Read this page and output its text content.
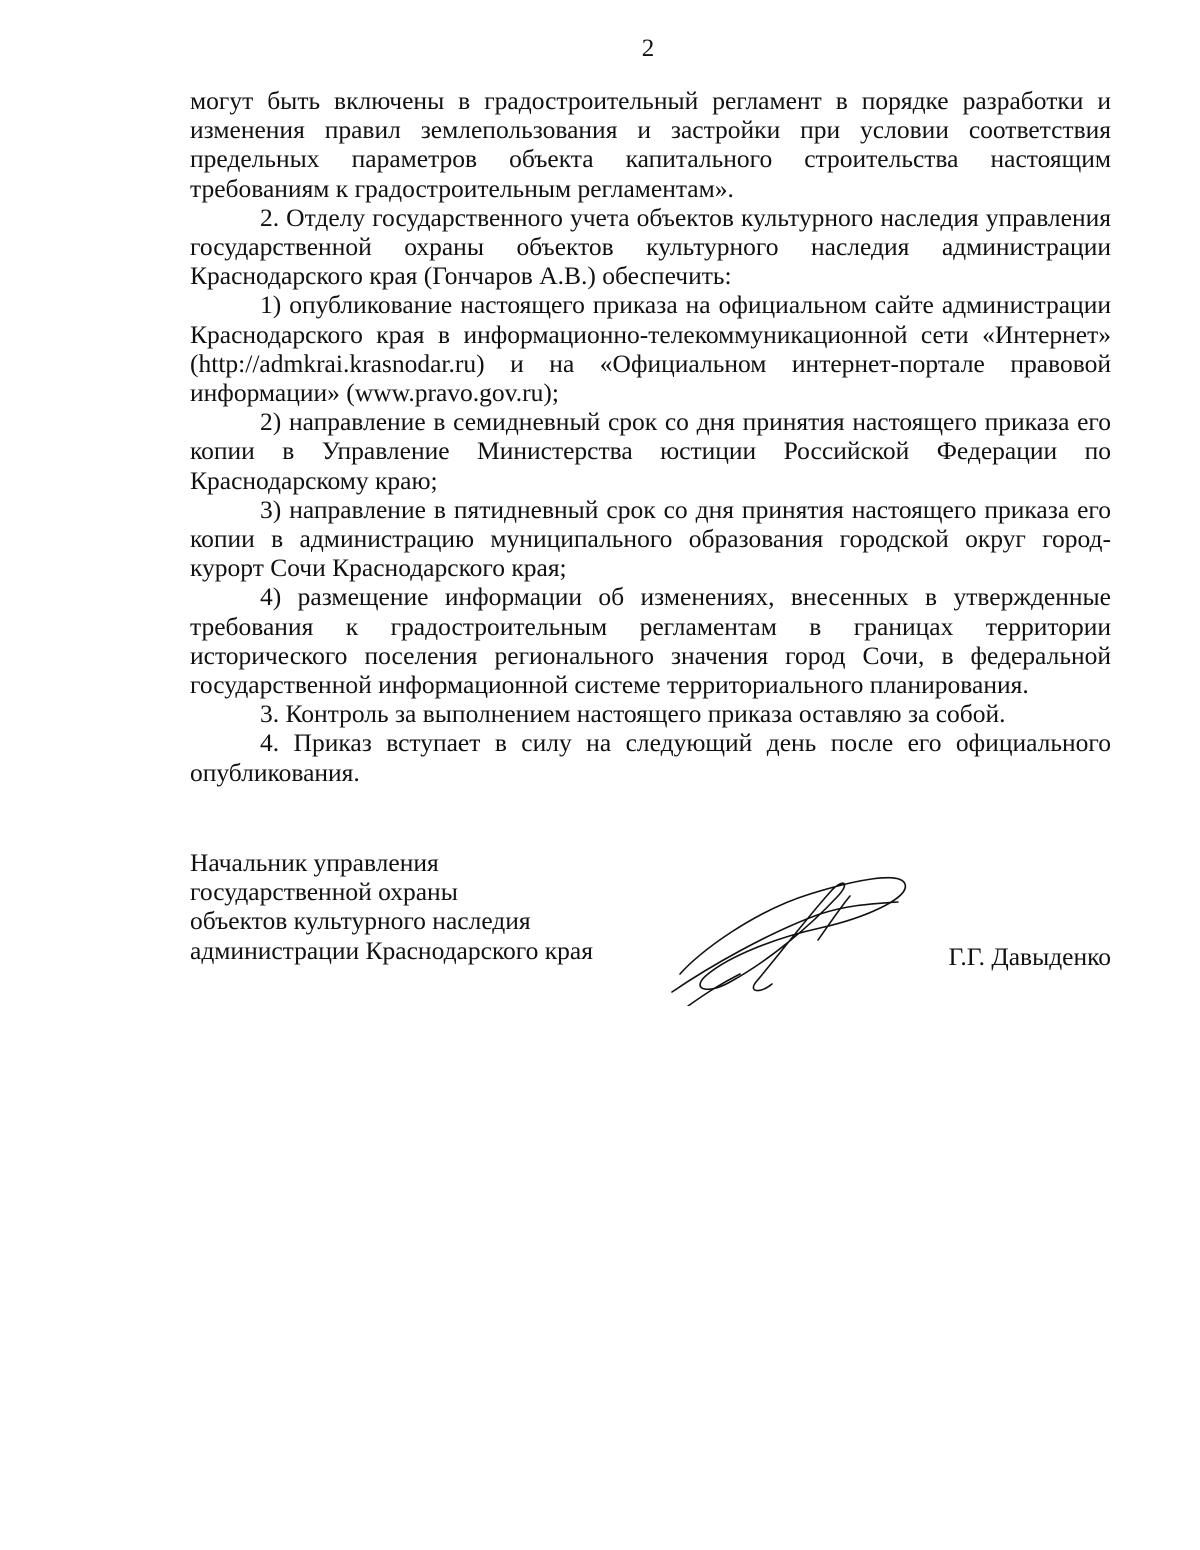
2

могут быть включены в градостроительный регламент в порядке разработки и изменения правил землепользования и застройки при условии соответствия предельных параметров объекта капитального строительства настоящим требованиям к градостроительным регламентам».

2. Отделу государственного учета объектов культурного наследия управления государственной охраны объектов культурного наследия администрации Краснодарского края (Гончаров А.В.) обеспечить:

1) опубликование настоящего приказа на официальном сайте администрации Краснодарского края в информационно-телекоммуникационной сети «Интернет» (http://admkrai.krasnodar.ru) и на «Официальном интернет-портале правовой информации» (www.pravo.gov.ru);

2) направление в семидневный срок со дня принятия настоящего приказа его копии в Управление Министерства юстиции Российской Федерации по Краснодарскому краю;

3) направление в пятидневный срок со дня принятия настоящего приказа его копии в администрацию муниципального образования городской округ город-курорт Сочи Краснодарского края;

4) размещение информации об изменениях, внесенных в утвержденные требования к градостроительным регламентам в границах территории исторического поселения регионального значения город Сочи, в федеральной государственной информационной системе территориального планирования.

3. Контроль за выполнением настоящего приказа оставляю за собой.

4. Приказ вступает в силу на следующий день после его официального опубликования.

Начальник управления
государственной охраны
объектов культурного наследия
администрации Краснодарского края	Г.Г. Давыденко
